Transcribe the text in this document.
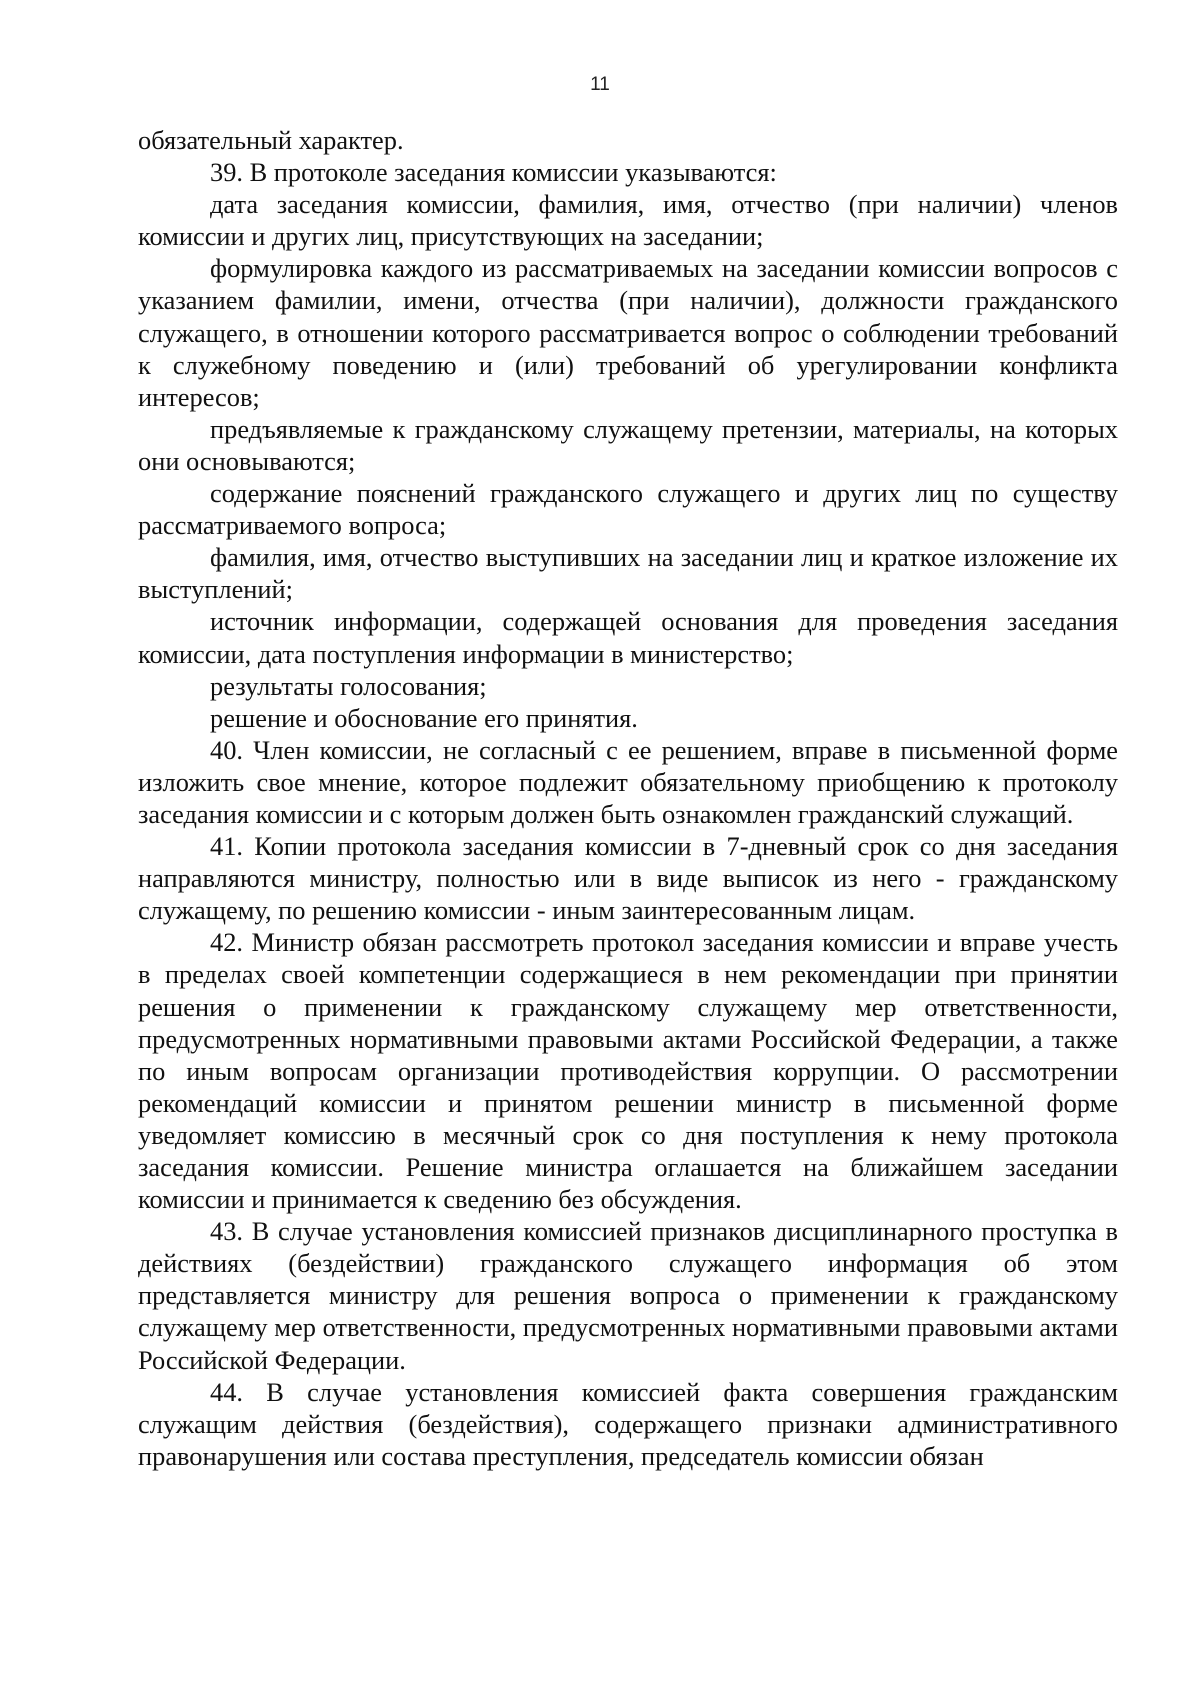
11

обязательный характер.

39. В протоколе заседания комиссии указываются:

дата заседания комиссии, фамилия, имя, отчество (при наличии) членов комиссии и других лиц, присутствующих на заседании;

формулировка каждого из рассматриваемых на заседании комиссии вопросов с указанием фамилии, имени, отчества (при наличии), должности гражданского служащего, в отношении которого рассматривается вопрос о соблюдении требований к служебному поведению и (или) требований об урегулировании конфликта интересов;

предъявляемые к гражданскому служащему претензии, материалы, на которых они основываются;

содержание пояснений гражданского служащего и других лиц по существу рассматриваемого вопроса;

фамилия, имя, отчество выступивших на заседании лиц и краткое изложение их выступлений;

источник информации, содержащей основания для проведения заседания комиссии, дата поступления информации в министерство;

результаты голосования;

решение и обоснование его принятия.

40. Член комиссии, не согласный с ее решением, вправе в письменной форме изложить свое мнение, которое подлежит обязательному приобщению к протоколу заседания комиссии и с которым должен быть ознакомлен гражданский служащий.

41. Копии протокола заседания комиссии в 7-дневный срок со дня заседания направляются министру, полностью или в виде выписок из него - гражданскому служащему, по решению комиссии - иным заинтересованным лицам.

42. Министр обязан рассмотреть протокол заседания комиссии и вправе учесть в пределах своей компетенции содержащиеся в нем рекомендации при принятии решения о применении к гражданскому служащему мер ответственности, предусмотренных нормативными правовыми актами Российской Федерации, а также по иным вопросам организации противодействия коррупции. О рассмотрении рекомендаций комиссии и принятом решении министр в письменной форме уведомляет комиссию в месячный срок со дня поступления к нему протокола заседания комиссии. Решение министра оглашается на ближайшем заседании комиссии и принимается к сведению без обсуждения.

43. В случае установления комиссией признаков дисциплинарного проступка в действиях (бездействии) гражданского служащего информация об этом представляется министру для решения вопроса о применении к гражданскому служащему мер ответственности, предусмотренных нормативными правовыми актами Российской Федерации.

44. В случае установления комиссией факта совершения гражданским служащим действия (бездействия), содержащего признаки административного правонарушения или состава преступления, председатель комиссии обязан
